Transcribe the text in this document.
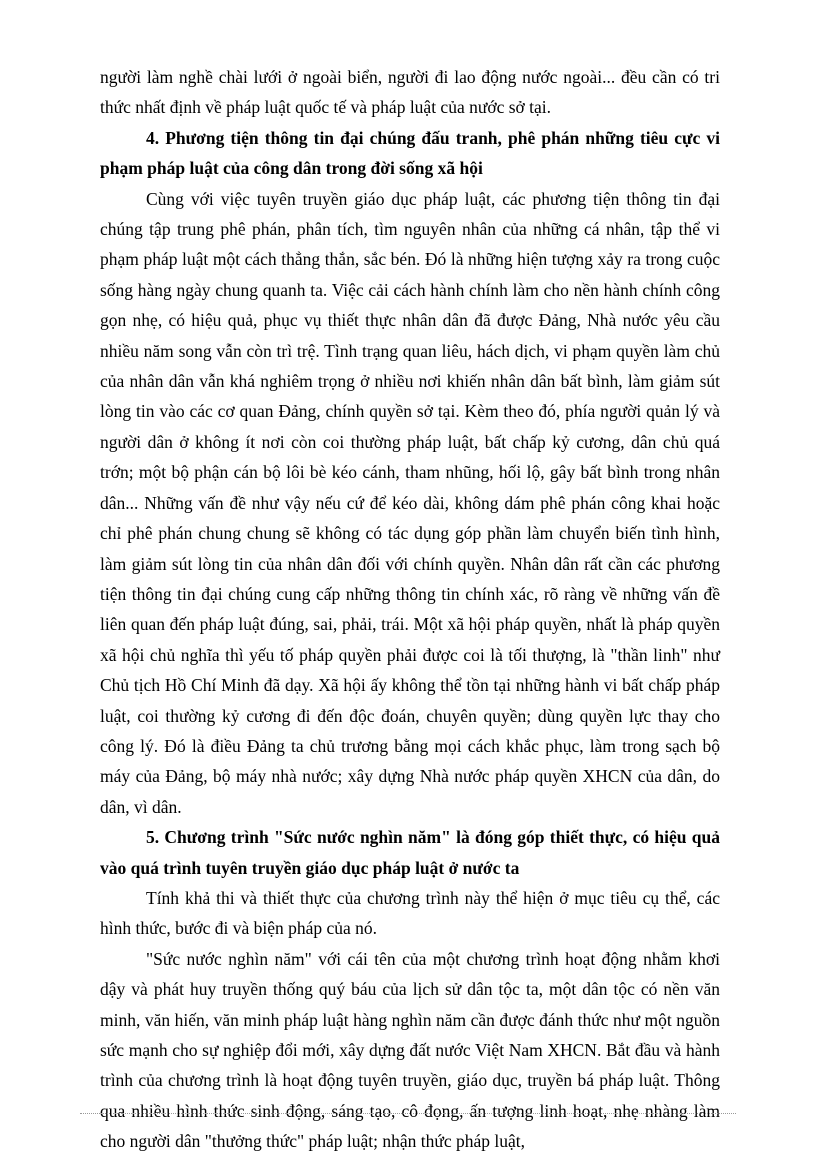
người làm nghề chài lưới ở ngoài biển, người đi lao động nước ngoài... đều cần có tri thức nhất định về pháp luật quốc tế và pháp luật của nước sở tại.

4. Phương tiện thông tin đại chúng đấu tranh, phê phán những tiêu cực vi phạm pháp luật của công dân trong đời sống xã hội

Cùng với việc tuyên truyền giáo dục pháp luật, các phương tiện thông tin đại chúng tập trung phê phán, phân tích, tìm nguyên nhân của những cá nhân, tập thể vi phạm pháp luật một cách thẳng thắn, sắc bén. Đó là những hiện tượng xảy ra trong cuộc sống hàng ngày chung quanh ta. Việc cải cách hành chính làm cho nền hành chính công gọn nhẹ, có hiệu quả, phục vụ thiết thực nhân dân đã được Đảng, Nhà nước yêu cầu nhiều năm song vẫn còn trì trệ. Tình trạng quan liêu, hách dịch, vi phạm quyền làm chủ của nhân dân vẫn khá nghiêm trọng ở nhiều nơi khiến nhân dân bất bình, làm giảm sút lòng tin vào các cơ quan Đảng, chính quyền sở tại. Kèm theo đó, phía người quản lý và người dân ở không ít nơi còn coi thường pháp luật, bất chấp kỷ cương, dân chủ quá trớn; một bộ phận cán bộ lôi bè kéo cánh, tham nhũng, hối lộ, gây bất bình trong nhân dân... Những vấn đề như vậy nếu cứ để kéo dài, không dám phê phán công khai hoặc chỉ phê phán chung chung sẽ không có tác dụng góp phần làm chuyển biến tình hình, làm giảm sút lòng tin của nhân dân đối với chính quyền. Nhân dân rất cần các phương tiện thông tin đại chúng cung cấp những thông tin chính xác, rõ ràng về những vấn đề liên quan đến pháp luật đúng, sai, phải, trái. Một xã hội pháp quyền, nhất là pháp quyền xã hội chủ nghĩa thì yếu tố pháp quyền phải được coi là tối thượng, là "thần linh" như Chủ tịch Hồ Chí Minh đã dạy. Xã hội ấy không thể tồn tại những hành vi bất chấp pháp luật, coi thường kỷ cương đi đến độc đoán, chuyên quyền; dùng quyền lực thay cho công lý. Đó là điều Đảng ta chủ trương bằng mọi cách khắc phục, làm trong sạch bộ máy của Đảng, bộ máy nhà nước; xây dựng Nhà nước pháp quyền XHCN của dân, do dân, vì dân.

5. Chương trình "Sức nước nghìn năm" là đóng góp thiết thực, có hiệu quả vào quá trình tuyên truyền giáo dục pháp luật ở nước ta

Tính khả thi và thiết thực của chương trình này thể hiện ở mục tiêu cụ thể, các hình thức, bước đi và biện pháp của nó.

"Sức nước nghìn năm" với cái tên của một chương trình hoạt động nhằm khơi dậy và phát huy truyền thống quý báu của lịch sử dân tộc ta, một dân tộc có nền văn minh, văn hiến, văn minh pháp luật hàng nghìn năm cần được đánh thức như một nguồn sức mạnh cho sự nghiệp đổi mới, xây dựng đất nước Việt Nam XHCN. Bắt đầu và hành trình của chương trình là hoạt động tuyên truyền, giáo dục, truyền bá pháp luật. Thông qua nhiều hình thức sinh động, sáng tạo, cô đọng, ấn tượng linh hoạt, nhẹ nhàng làm cho người dân "thưởng thức" pháp luật; nhận thức pháp luật,
